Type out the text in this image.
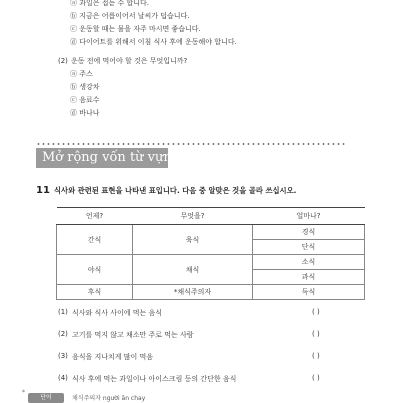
ⓐ 과일은 접돋 수 합니다.
ⓑ 지금은 어릅이어서 날씨가 덥습니다.
ⓒ 운동할 때는 물을 자주 마시면 좋습니다.
ⓓ 다이어트를 위해서 이침 식사 후에 운동해야 합니다.
(2) 운동 전에 먹어야 할 것은 무엇입니까?
ⓐ 주스
ⓑ 생강차
ⓒ 음료수
ⓓ 바나나
Mở rộng vốn từ vựng
11 식사와 관련된 표현을 나타낸 표입니다. 다음 중 알맞은 것을 골라 쓰십시오.
언제?	무엇을?	얼마나?
간식	육식	경식
		단식
야식	채식	소식
		과식
후식	*채식주의자	득식
(1) 식사와 식사 사이에 먹는 음식	( )
(2) 고기를 먹지 않고 채소만 주로 먹는 사람	( )
(3) 음식을 지나치게 많이 먹음	( )
(4) 식사 후에 먹는 과일이나 아이스크림 등의 간단한 음식	( )
*
단어	채식주의자 người ăn chay
